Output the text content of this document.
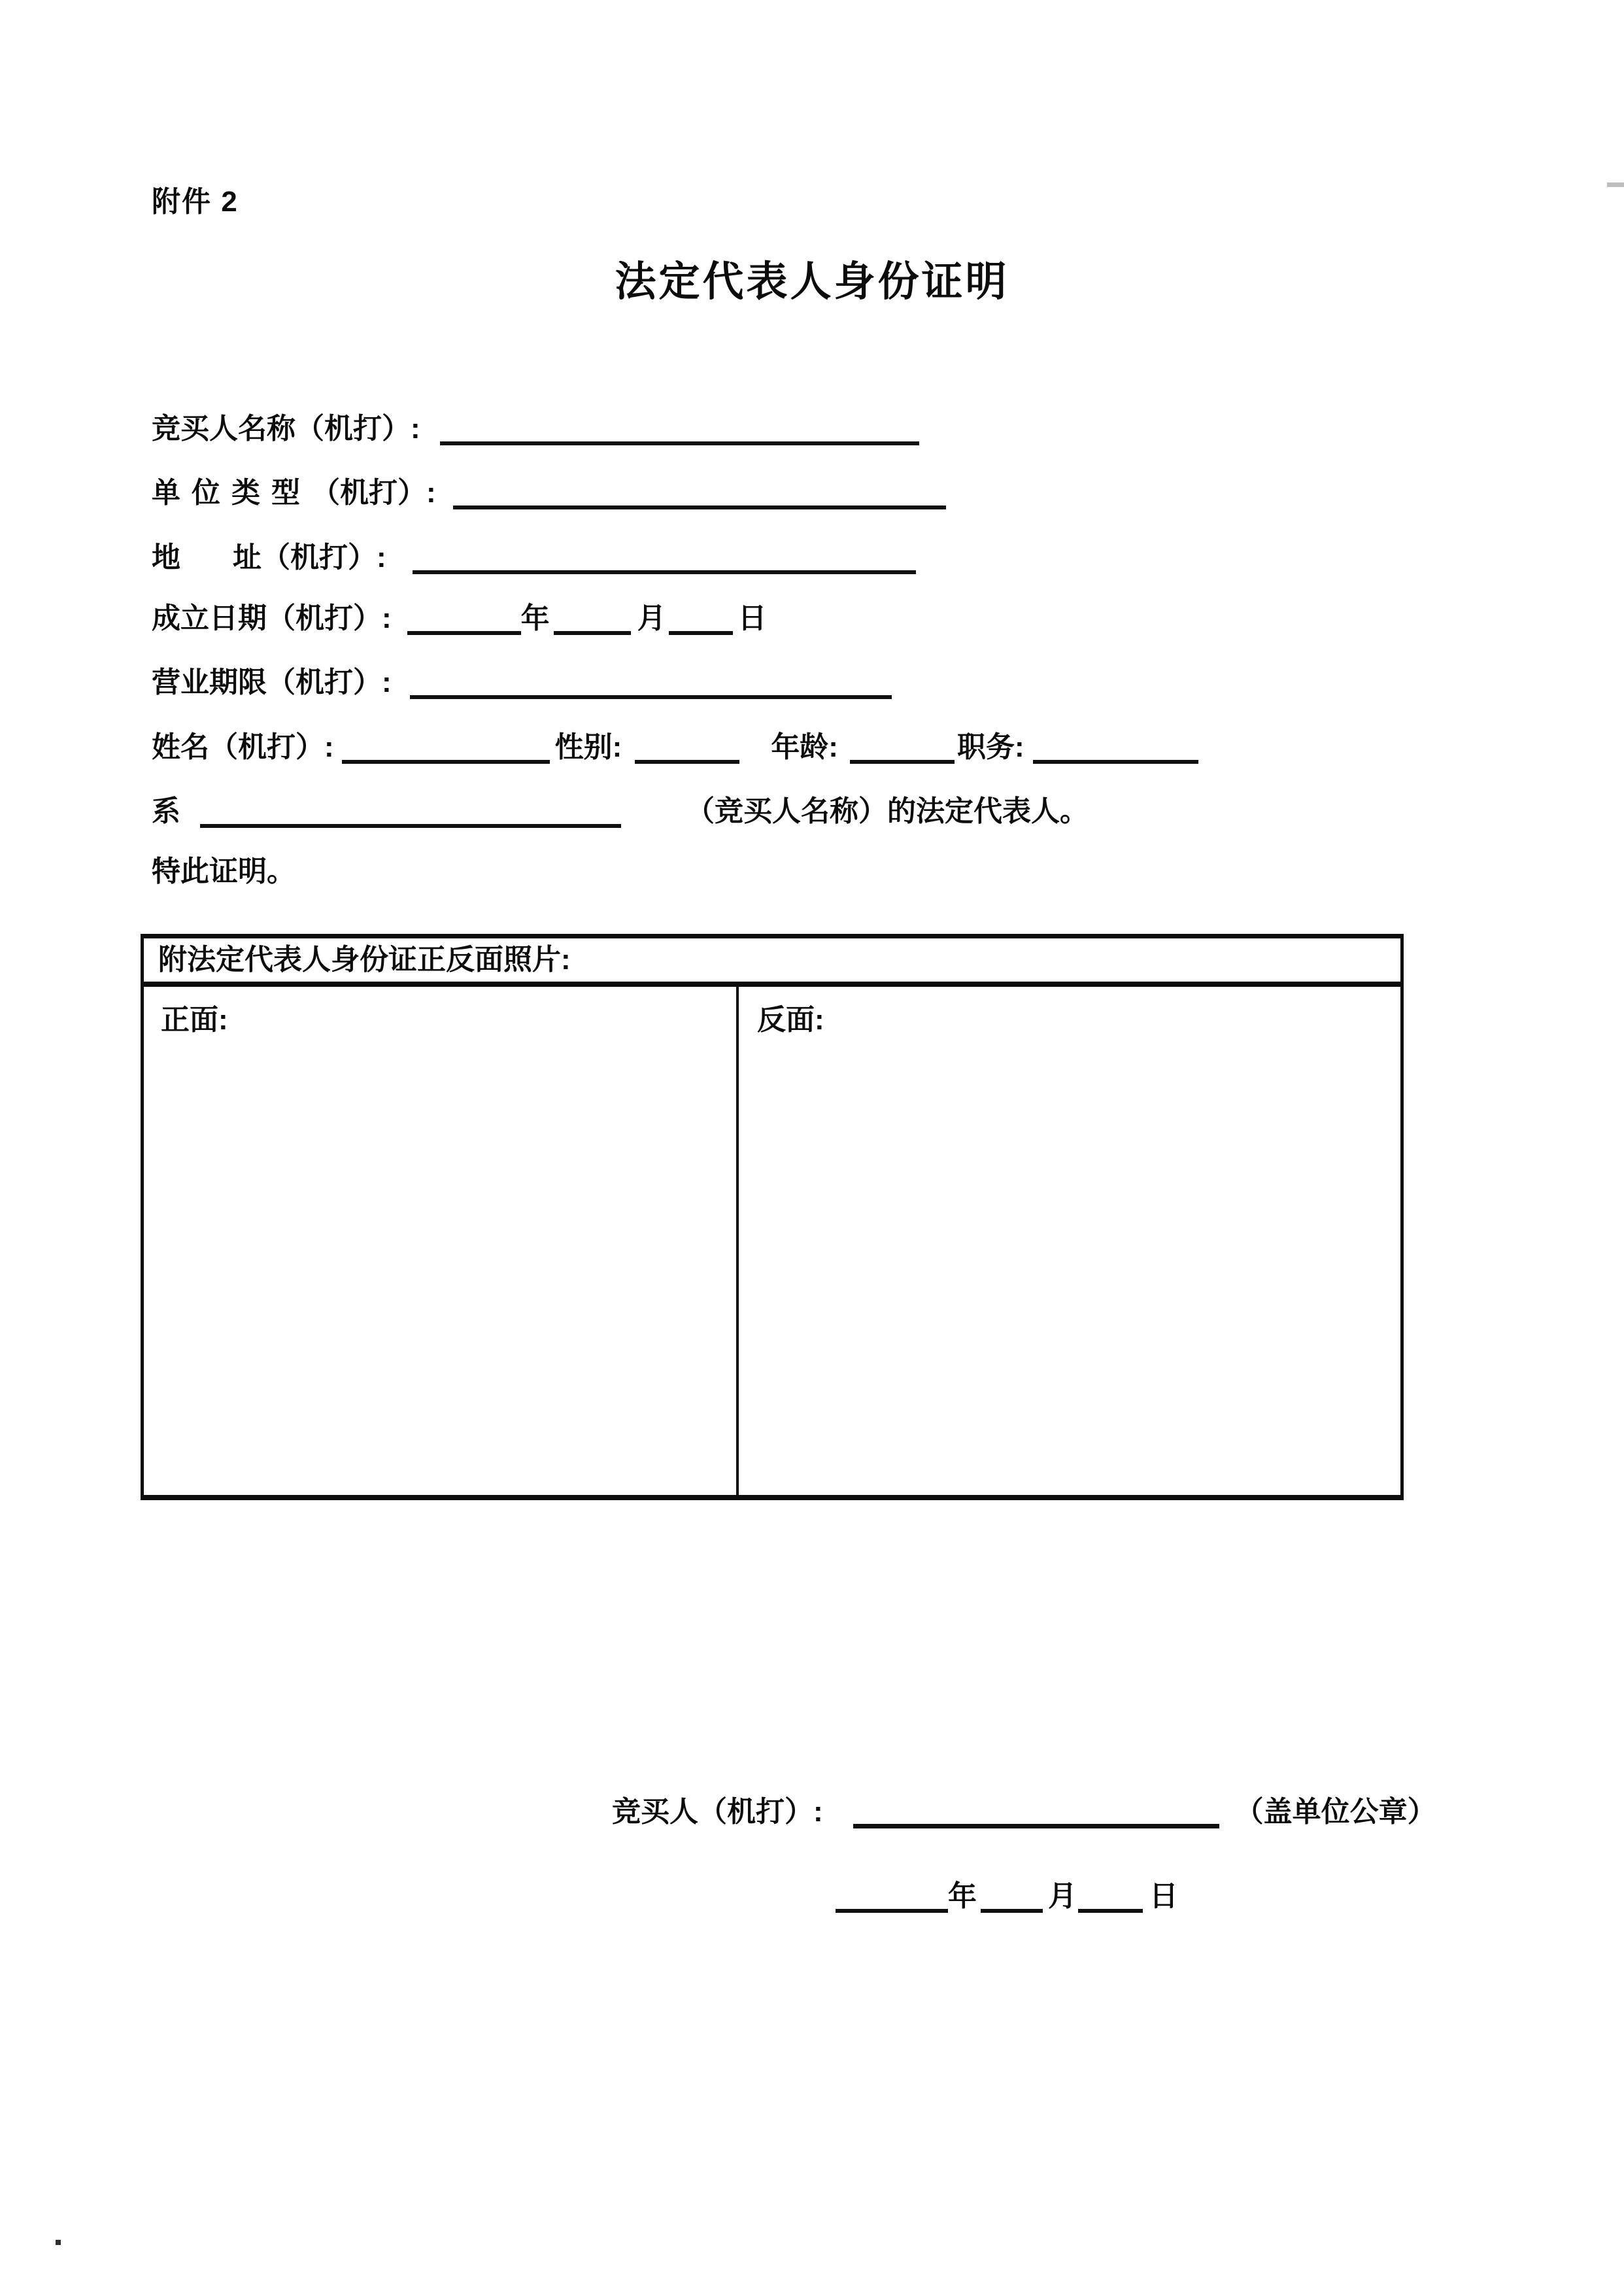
附件 2
法定代表人身份证明
竞买人名称（机打）:
单位类型（机打）:
地 址（机打）:
成立日期（机打）:	年	月	日
营业期限（机打）:
姓名（机打）:	性别:	年龄:	职务:
系	（竞买人名称）的法定代表人。
特此证明。
附法定代表人身份证正反面照片:
正面:	反面:
竞买人（机打）:	（盖单位公章）
年 月	日
